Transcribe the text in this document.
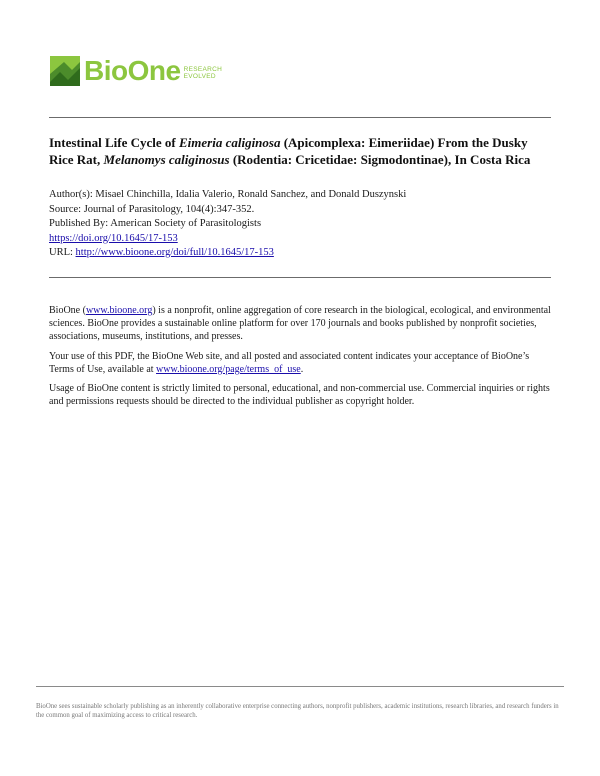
BioOne RESEARCH
EVOLVED
Intestinal Life Cycle of Eimeria caliginosa (Apicomplexa: Eimeriidae) From the Dusky Rice Rat, Melanomys caliginosus (Rodentia: Cricetidae: Sigmodontinae), In Costa Rica
Author(s): Misael Chinchilla, Idalia Valerio, Ronald Sanchez, and Donald Duszynski
Source: Journal of Parasitology, 104(4):347-352.
Published By: American Society of Parasitologists
https://doi.org/10.1645/17-153
URL: http://www.bioone.org/doi/full/10.1645/17-153

BioOne (www.bioone.org) is a nonprofit, online aggregation of core research in the biological, ecological, and environmental sciences. BioOne provides a sustainable online platform for over 170 journals and books published by nonprofit societies, associations, museums, institutions, and presses.

Your use of this PDF, the BioOne Web site, and all posted and associated content indicates your acceptance of BioOne’s Terms of Use, available at www.bioone.org/page/terms_of_use.

Usage of BioOne content is strictly limited to personal, educational, and non-commercial use. Commercial inquiries or rights and permissions requests should be directed to the individual publisher as copyright holder.

BioOne sees sustainable scholarly publishing as an inherently collaborative enterprise connecting authors, nonprofit publishers, academic institutions, research libraries, and research funders in the common goal of maximizing access to critical research.
